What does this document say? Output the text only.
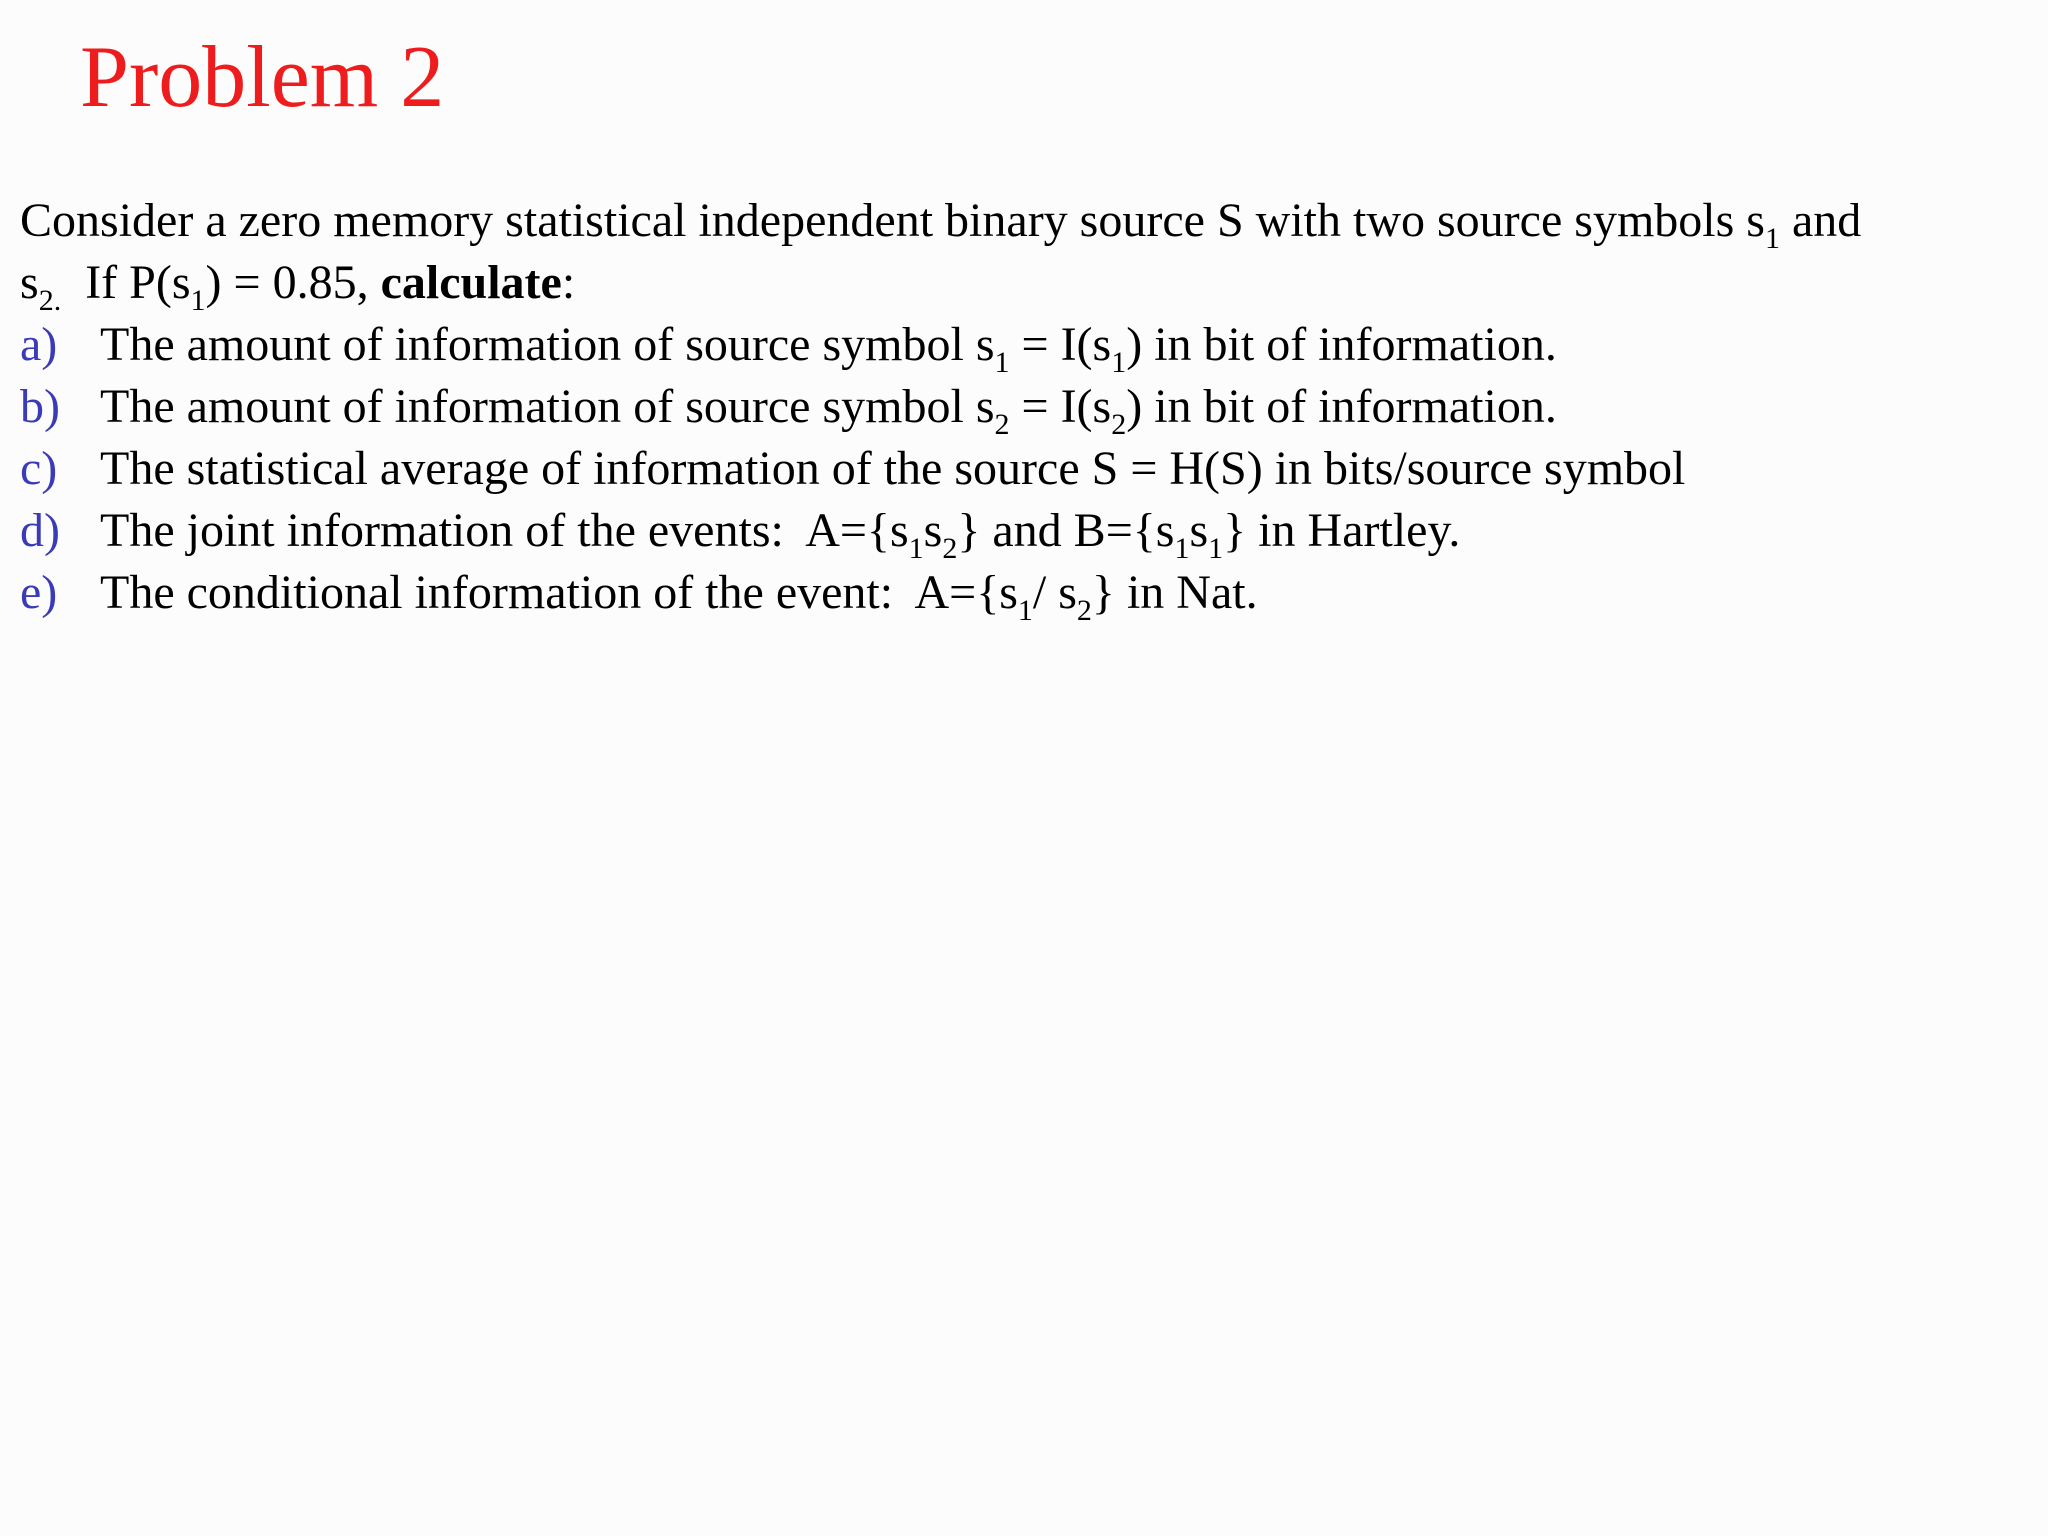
Problem 2
Consider a zero memory statistical independent binary source S with two source symbols $s_1$ and
$s_{2.}$  If $P(s_1) = 0.85$, calculate:
a) The amount of information of source symbol $s_1 = I(s_1)$ in bit of information.
b) The amount of information of source symbol $s_2 = I(s_2)$ in bit of information.
c) The statistical average of information of the source S = H(S) in bits/source symbol
d) The joint information of the events:  $A=\{s_1s_2\}$ and $B=\{s_1s_1\}$ in Hartley.
e) The conditional information of the event:  $A=\{s_1/$ $s_2$} in Nat.
